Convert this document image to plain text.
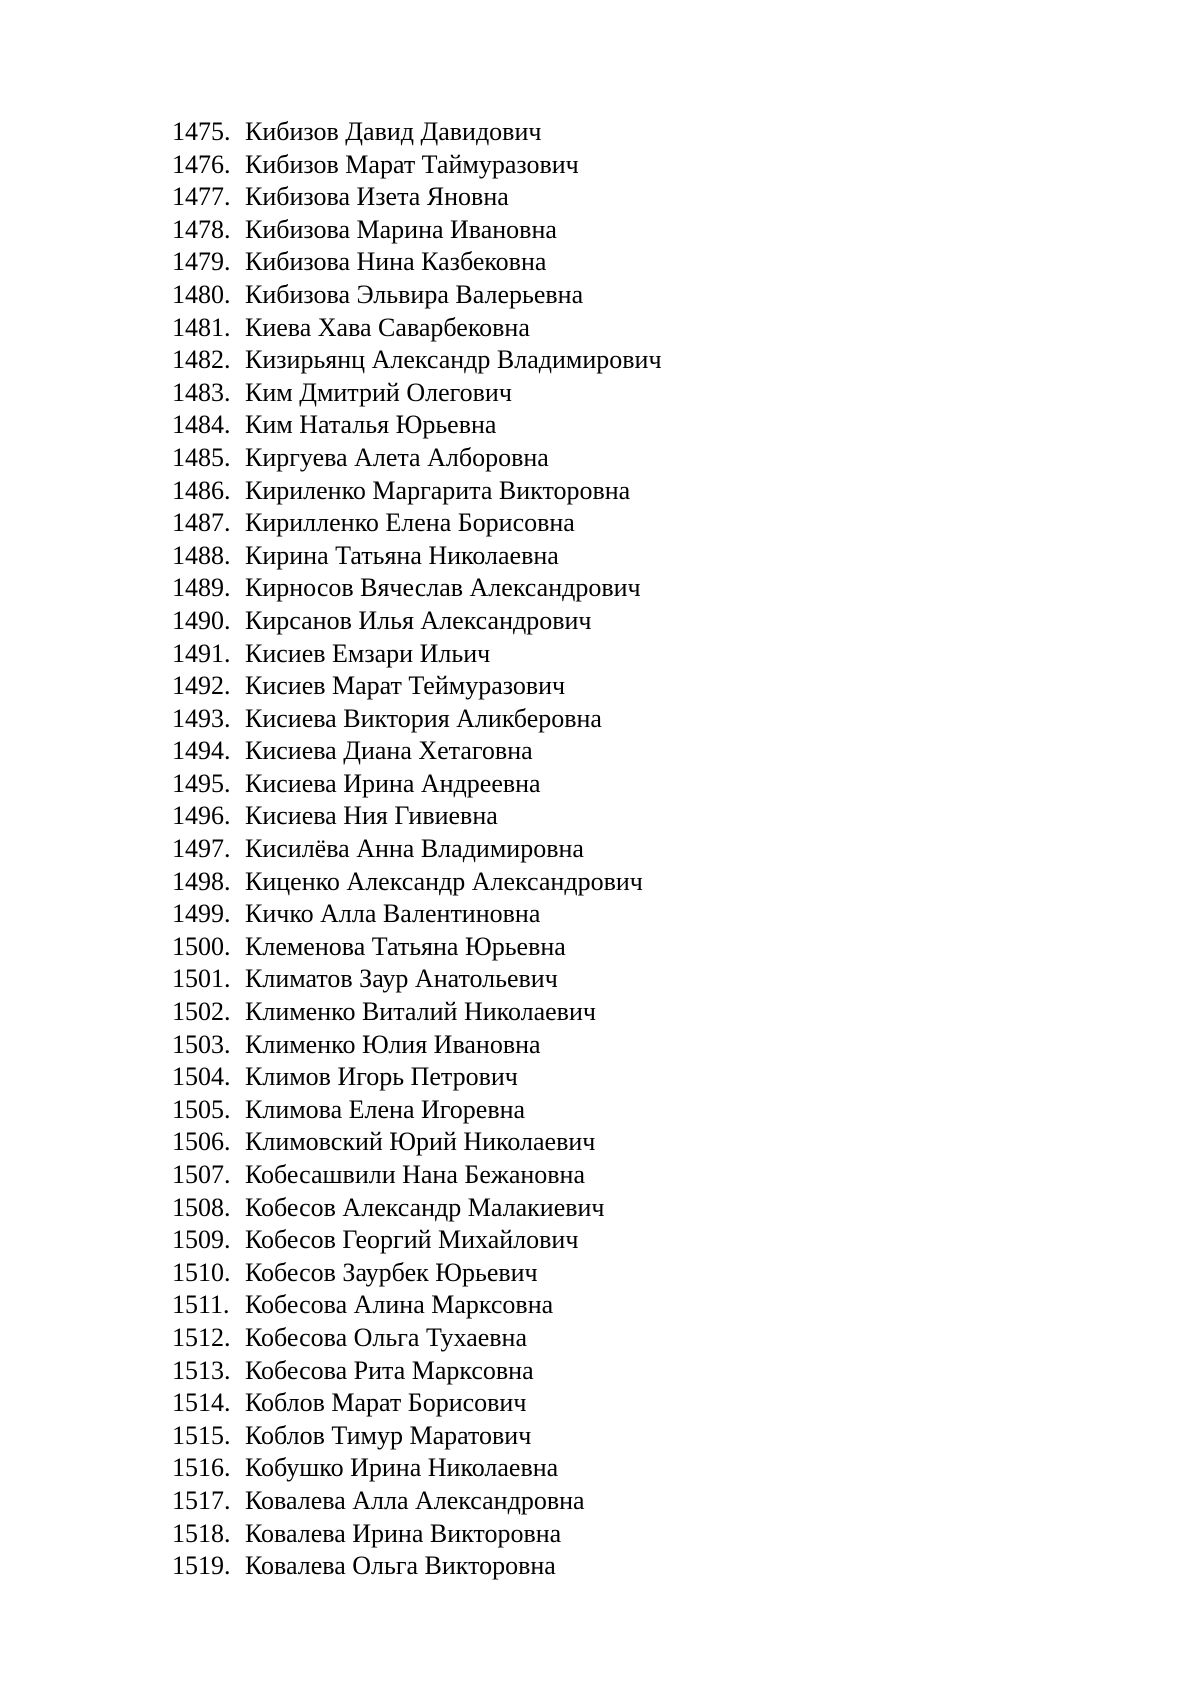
1475. Кибизов Давид Давидович
1476. Кибизов Марат Таймуразович
1477. Кибизова Изета Яновна
1478. Кибизова Марина Ивановна
1479. Кибизова Нина Казбековна
1480. Кибизова Эльвира Валерьевна
1481. Киева Хава Саварбековна
1482. Кизирьянц Александр Владимирович
1483. Ким Дмитрий Олегович
1484. Ким Наталья Юрьевна
1485. Киргуева Алета Алборовна
1486. Кириленко Маргарита Викторовна
1487. Кирилленко Елена Борисовна
1488. Кирина Татьяна Николаевна
1489. Кирносов Вячеслав Александрович
1490. Кирсанов Илья Александрович
1491. Кисиев Емзари Ильич
1492. Кисиев Марат Теймуразович
1493. Кисиева Виктория Аликберовна
1494. Кисиева Диана Хетаговна
1495. Кисиева Ирина Андреевна
1496. Кисиева Ния Гивиевна
1497. Кисилёва Анна Владимировна
1498. Киценко Александр Александрович
1499. Кичко Алла Валентиновна
1500. Клеменова Татьяна Юрьевна
1501. Климатов Заур Анатольевич
1502. Клименко Виталий Николаевич
1503. Клименко Юлия Ивановна
1504. Климов Игорь Петрович
1505. Климова Елена Игоревна
1506. Климовский Юрий Николаевич
1507. Кобесашвили Нана Бежановна
1508. Кобесов Александр Малакиевич
1509. Кобесов Георгий Михайлович
1510. Кобесов Заурбек Юрьевич
1511. Кобесова Алина Марксовна
1512. Кобесова Ольга Тухаевна
1513. Кобесова Рита Марксовна
1514. Коблов Марат Борисович
1515. Коблов Тимур Маратович
1516. Кобушко Ирина Николаевна
1517. Ковалева Алла Александровна
1518. Ковалева Ирина Викторовна
1519. Ковалева Ольга Викторовна
